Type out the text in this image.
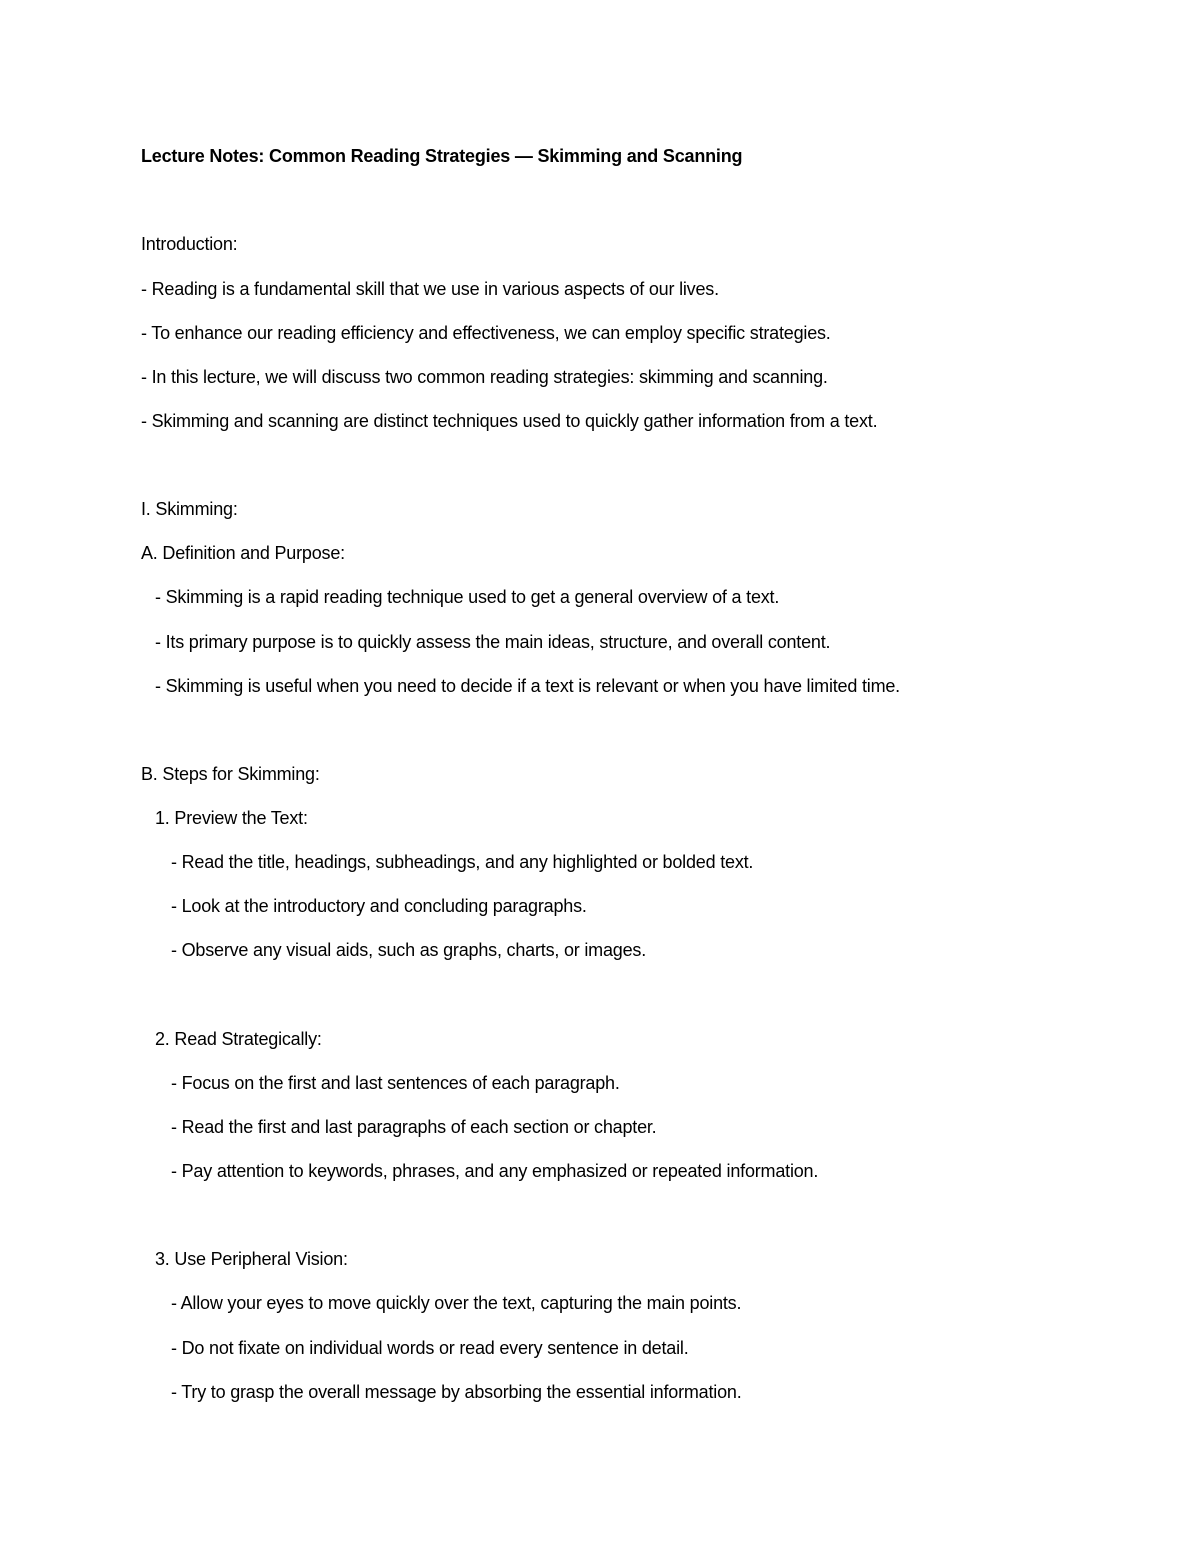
Lecture Notes: Common Reading Strategies — Skimming and Scanning
Introduction:
- Reading is a fundamental skill that we use in various aspects of our lives.
- To enhance our reading efficiency and effectiveness, we can employ specific strategies.
- In this lecture, we will discuss two common reading strategies: skimming and scanning.
- Skimming and scanning are distinct techniques used to quickly gather information from a text.
I. Skimming:
A. Definition and Purpose:
- Skimming is a rapid reading technique used to get a general overview of a text.
- Its primary purpose is to quickly assess the main ideas, structure, and overall content.
- Skimming is useful when you need to decide if a text is relevant or when you have limited time.
B. Steps for Skimming:
1. Preview the Text:
- Read the title, headings, subheadings, and any highlighted or bolded text.
- Look at the introductory and concluding paragraphs.
- Observe any visual aids, such as graphs, charts, or images.
2. Read Strategically:
- Focus on the first and last sentences of each paragraph.
- Read the first and last paragraphs of each section or chapter.
- Pay attention to keywords, phrases, and any emphasized or repeated information.
3. Use Peripheral Vision:
- Allow your eyes to move quickly over the text, capturing the main points.
- Do not fixate on individual words or read every sentence in detail.
- Try to grasp the overall message by absorbing the essential information.
